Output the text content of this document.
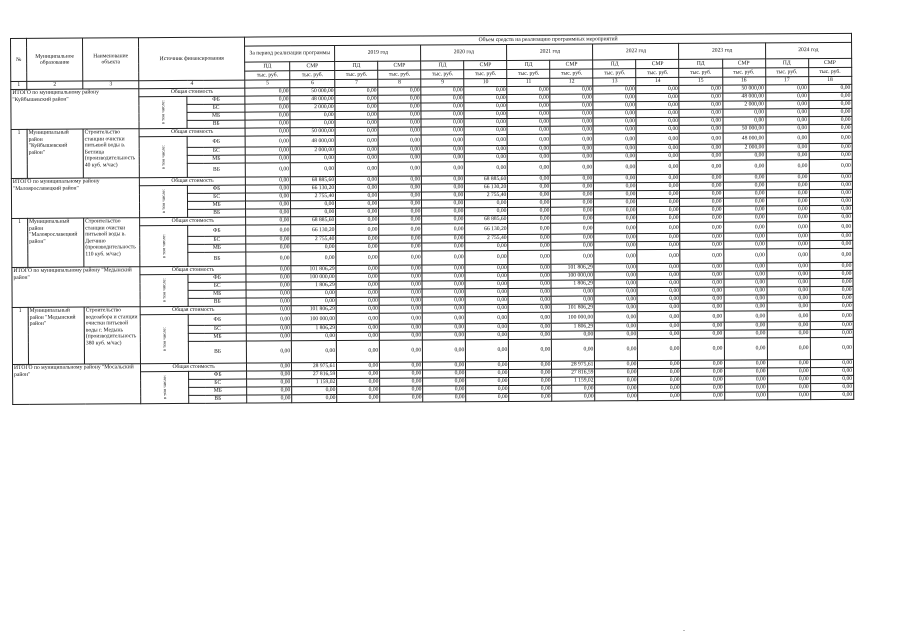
№	Муниципальное образование	Наименование объекта	Источник финансирования		Объем средств на реализацию программных мероприятий													
					За период реализации программы		2019 год		2020 год		2021 год		2022 год		2023 год		2024 год	
					ПД	СМР	ПД	СМР	ПД	СМР	ПД	СМР	ПД	СМР	ПД	СМР	ПД	СМР
					тыс. руб.	тыс. руб.	тыс. руб.	тыс. руб.	тыс. руб.	тыс. руб.	тыс. руб.	тыс. руб.	тыс. руб.	тыс. руб.	тыс. руб.	тыс. руб.	тыс. руб.	тыс. руб.
1	2	3	4		5	6	7	8	9	10	11	12	13	14	15	16	17	18
ИТОГО по муниципальному району "Куйбышевский район"			Общая стоимость		0,00	50 000,00	0,00	0,00	0,00	0,00	0,00	0,00	0,00	0,00	0,00	50 000,00	0,00	0,00
			в том числе:	ФБ	0,00	48 000,00	0,00	0,00	0,00	0,00	0,00	0,00	0,00	0,00	0,00	48 000,00	0,00	0,00
				БС	0,00	2 000,00	0,00	0,00	0,00	0,00	0,00	0,00	0,00	0,00	0,00	2 000,00	0,00	0,00
				МБ	0,00	0,00	0,00	0,00	0,00	0,00	0,00	0,00	0,00	0,00	0,00	0,00	0,00	0,00
				ВБ	0,00	0,00	0,00	0,00	0,00	0,00	0,00	0,00	0,00	0,00	0,00	0,00	0,00	0,00
1	Муниципальный район "Куйбышевский район"	Строительство станции очистки питьевой воды в. Бетлица (производительность 40 куб. м/час)	Общая стоимость		0,00	50 000,00	0,00	0,00	0,00	0,00	0,00	0,00	0,00	0,00	0,00	50 000,00	0,00	0,00
			в том числе:	ФБ	0,00	48 000,00	0,00	0,00	0,00	0,00	0,00	0,00	0,00	0,00	0,00	48 000,00	0,00	0,00
				БС	0,00	2 000,00	0,00	0,00	0,00	0,00	0,00	0,00	0,00	0,00	0,00	2 000,00	0,00	0,00
				МБ	0,00	0,00	0,00	0,00	0,00	0,00	0,00	0,00	0,00	0,00	0,00	0,00	0,00	0,00
				ВБ	0,00	0,00	0,00	0,00	0,00	0,00	0,00	0,00	0,00	0,00	0,00	0,00	0,00	0,00
ИТОГО по муниципальному району "Малоярославецкий район"			Общая стоимость		0,00	68 885,60	0,00	0,00	0,00	68 885,60	0,00	0,00	0,00	0,00	0,00	0,00	0,00	0,00
			в том числе:	ФБ	0,00	66 130,20	0,00	0,00	0,00	66 130,20	0,00	0,00	0,00	0,00	0,00	0,00	0,00	0,00
				БС	0,00	2 755,40	0,00	0,00	0,00	2 755,40	0,00	0,00	0,00	0,00	0,00	0,00	0,00	0,00
				МБ	0,00	0,00	0,00	0,00	0,00	0,00	0,00	0,00	0,00	0,00	0,00	0,00	0,00	0,00
				ВБ	0,00	0,00	0,00	0,00	0,00	0,00	0,00	0,00	0,00	0,00	0,00	0,00	0,00	0,00
1	Муниципальный район "Малоярославецкий район"	Строительство станции очистки питьевой воды в. Детчино (производительность 110 куб. м/час)	Общая стоимость		0,00	68 885,60	0,00	0,00	0,00	68 885,60	0,00	0,00	0,00	0,00	0,00	0,00	0,00	0,00
			в том числе:	ФБ	0,00	66 130,20	0,00	0,00	0,00	66 130,20	0,00	0,00	0,00	0,00	0,00	0,00	0,00	0,00
				БС	0,00	2 755,40	0,00	0,00	0,00	2 755,40	0,00	0,00	0,00	0,00	0,00	0,00	0,00	0,00
				МБ	0,00	0,00	0,00	0,00	0,00	0,00	0,00	0,00	0,00	0,00	0,00	0,00	0,00	0,00
				ВБ	0,00	0,00	0,00	0,00	0,00	0,00	0,00	0,00	0,00	0,00	0,00	0,00	0,00	0,00
ИТОГО по муниципальному району "Медынский район"			Общая стоимость		0,00	101 806,29	0,00	0,00	0,00	0,00	0,00	101 806,29	0,00	0,00	0,00	0,00	0,00	0,00
			в том числе:	ФБ	0,00	100 000,00	0,00	0,00	0,00	0,00	0,00	100 000,00	0,00	0,00	0,00	0,00	0,00	0,00
				БС	0,00	1 806,29	0,00	0,00	0,00	0,00	0,00	1 806,29	0,00	0,00	0,00	0,00	0,00	0,00
				МБ	0,00	0,00	0,00	0,00	0,00	0,00	0,00	0,00	0,00	0,00	0,00	0,00	0,00	0,00
				ВБ	0,00	0,00	0,00	0,00	0,00	0,00	0,00	0,00	0,00	0,00	0,00	0,00	0,00	0,00
1	Муниципальный район "Медынский район"	Строительство водозабора и станции очистки питьевой воды г. Медынь (производительность 380 куб. м/час)	Общая стоимость		0,00	101 806,29	0,00	0,00	0,00	0,00	0,00	101 806,29	0,00	0,00	0,00	0,00	0,00	0,00
			в том числе:	ФБ	0,00	100 000,00	0,00	0,00	0,00	0,00	0,00	100 000,00	0,00	0,00	0,00	0,00	0,00	0,00
				БС	0,00	1 806,29	0,00	0,00	0,00	0,00	0,00	1 806,29	0,00	0,00	0,00	0,00	0,00	0,00
				МБ	0,00	0,00	0,00	0,00	0,00	0,00	0,00	0,00	0,00	0,00	0,00	0,00	0,00	0,00
				ВБ	0,00	0,00	0,00	0,00	0,00	0,00	0,00	0,00	0,00	0,00	0,00	0,00	0,00	0,00
ИТОГО по муниципальному району "Мосальский район"			Общая стоимость		0,00	28 975,61	0,00	0,00	0,00	0,00	0,00	28 975,61	0,00	0,00	0,00	0,00	0,00	0,00
			в том числе:	ФБ	0,00	27 816,59	0,00	0,00	0,00	0,00	0,00	27 816,59	0,00	0,00	0,00	0,00	0,00	0,00
				БС	0,00	1 159,02	0,00	0,00	0,00	0,00	0,00	1 159,02	0,00	0,00	0,00	0,00	0,00	0,00
				МБ	0,00	0,00	0,00	0,00	0,00	0,00	0,00	0,00	0,00	0,00	0,00	0,00	0,00	0,00
				ВБ	0,00	0,00	0,00	0,00	0,00	0,00	0,00	0,00	0,00	0,00	0,00	0,00	0,00	0,00
-
